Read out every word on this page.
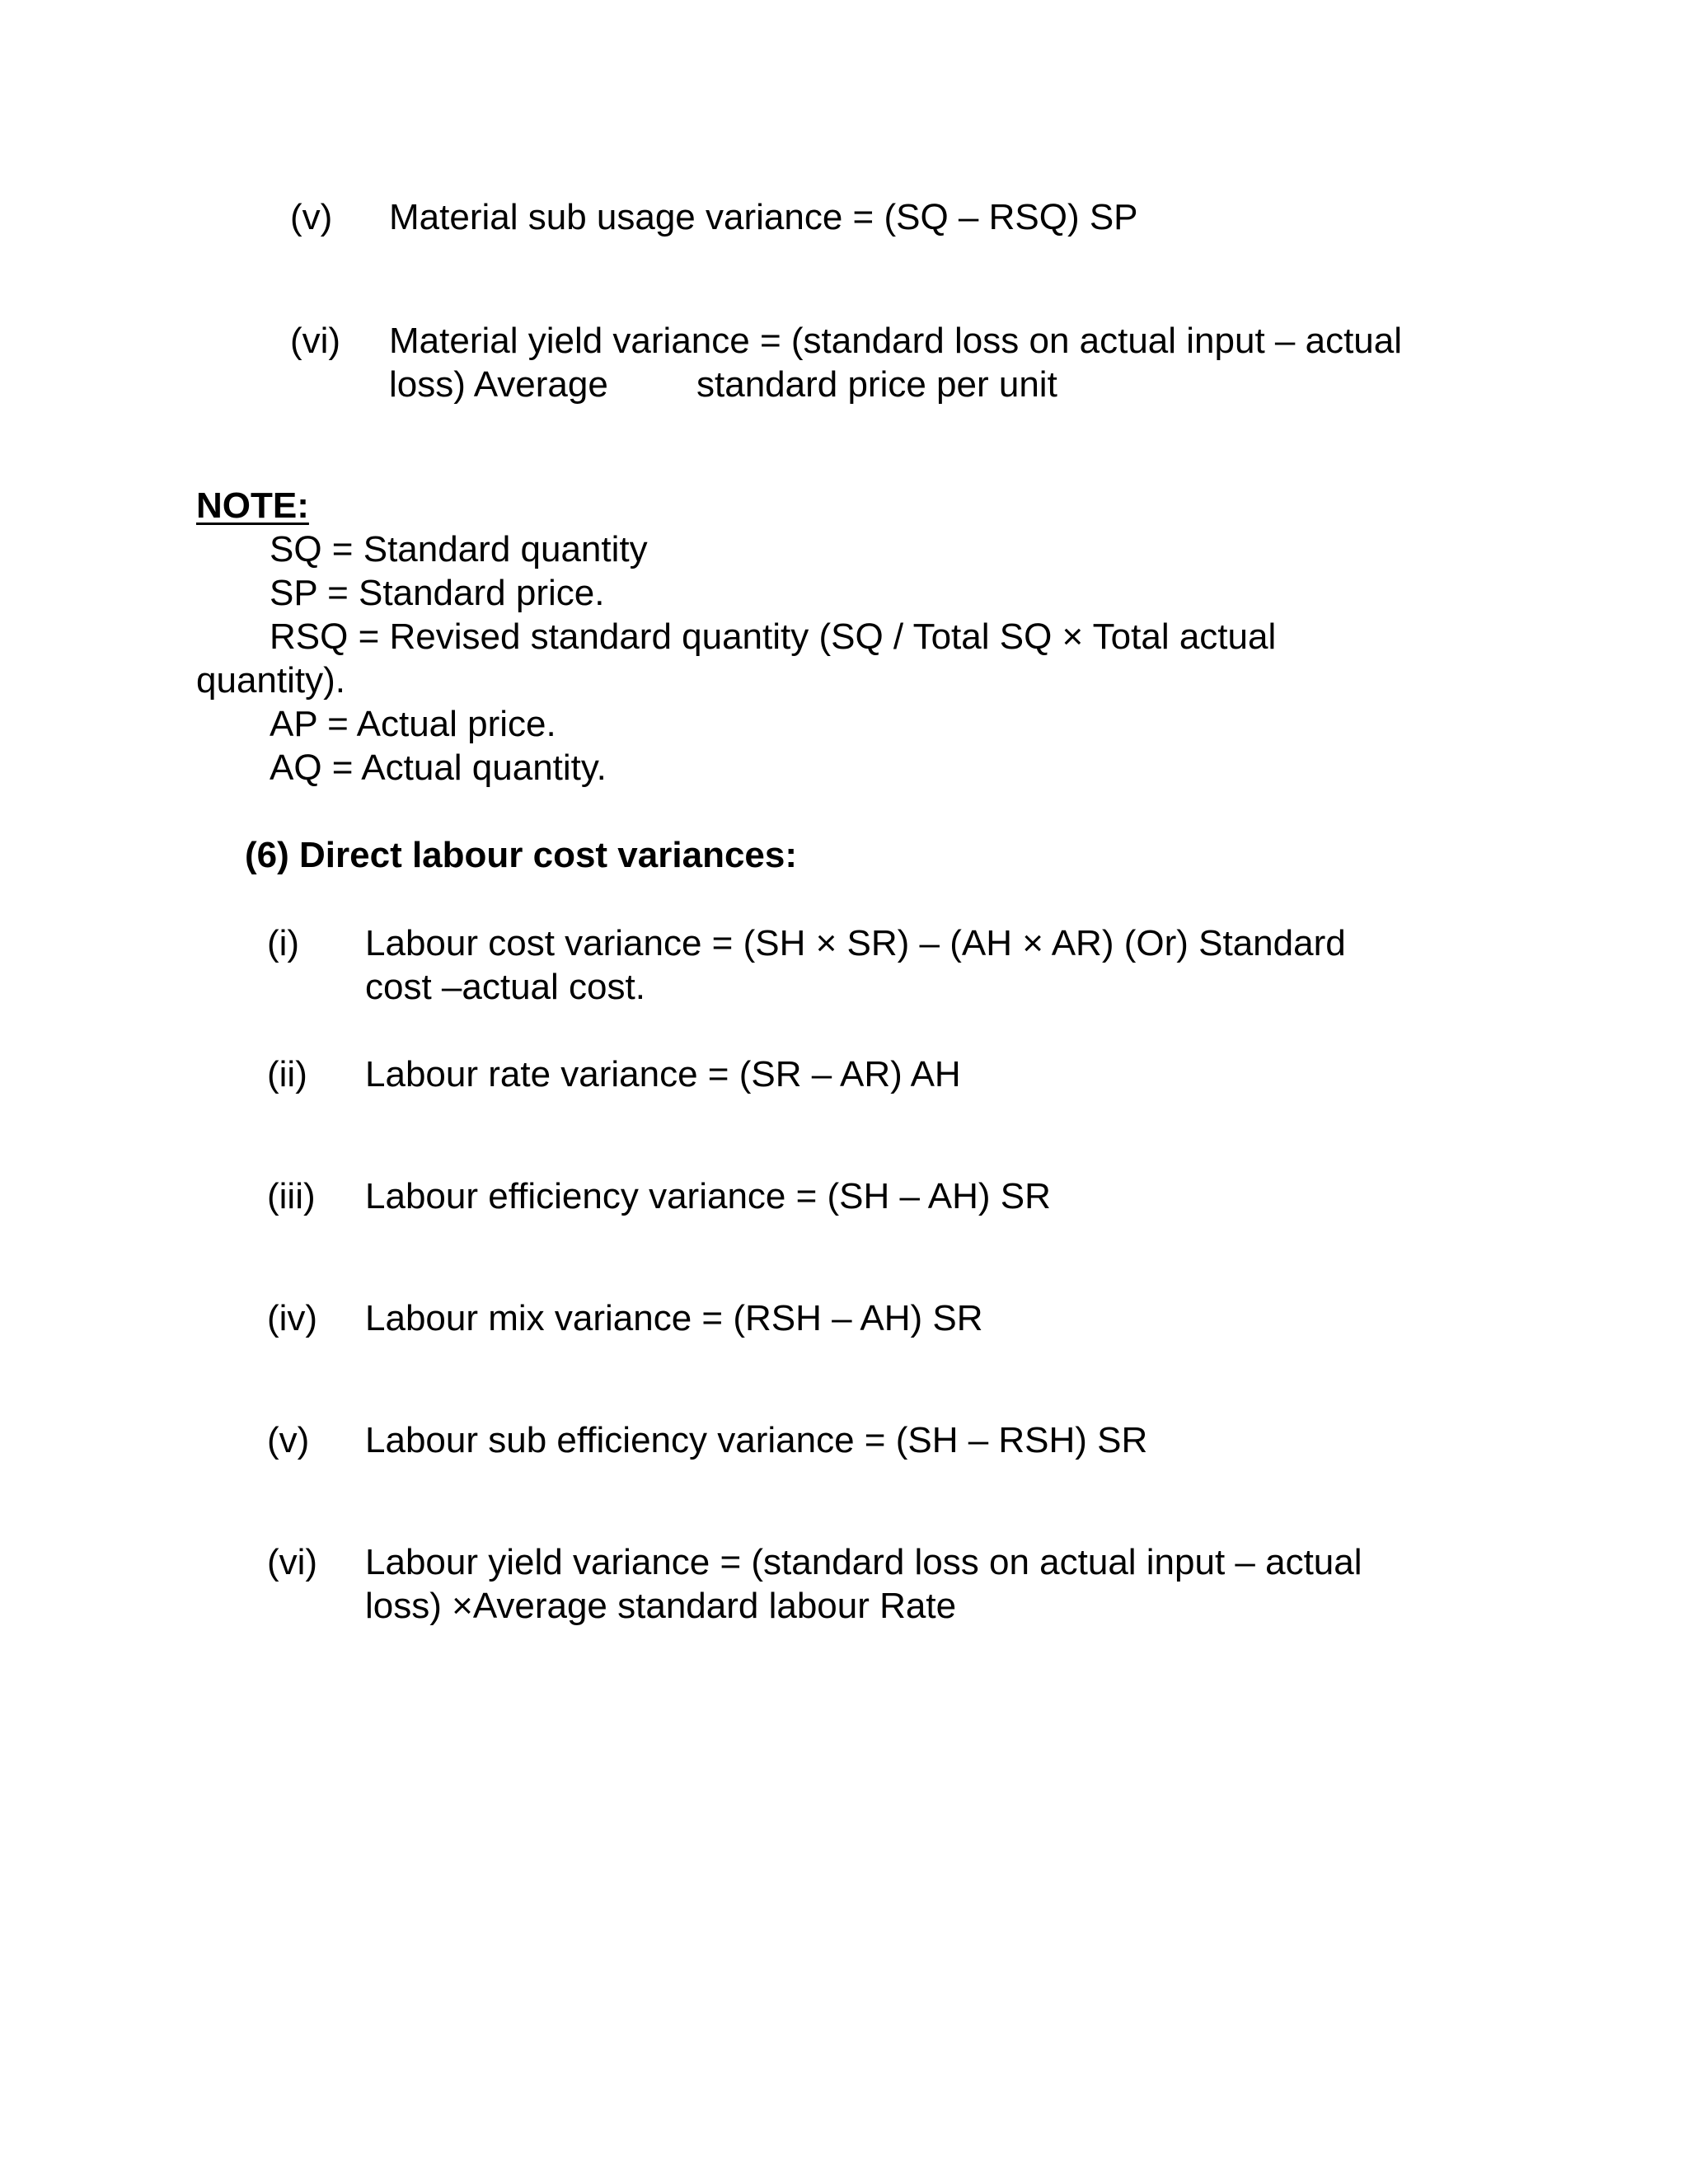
(v) Material sub usage variance = (SQ – RSQ) SP
(vi) Material yield variance = (standard loss on actual input – actual
loss) Average standard price per unit
NOTE:
SQ = Standard quantity
SP = Standard price.
RSQ = Revised standard quantity (SQ / Total SQ × Total actual
quantity).
AP = Actual price.
AQ = Actual quantity.
(6) Direct labour cost variances:
(i) Labour cost variance = (SH × SR) – (AH × AR) (Or) Standard
cost –actual cost.
(ii) Labour rate variance = (SR – AR) AH
(iii) Labour efficiency variance = (SH – AH) SR
(iv) Labour mix variance = (RSH – AH) SR
(v) Labour sub efficiency variance = (SH – RSH) SR
(vi) Labour yield variance = (standard loss on actual input – actual
loss) ×Average standard labour Rate
